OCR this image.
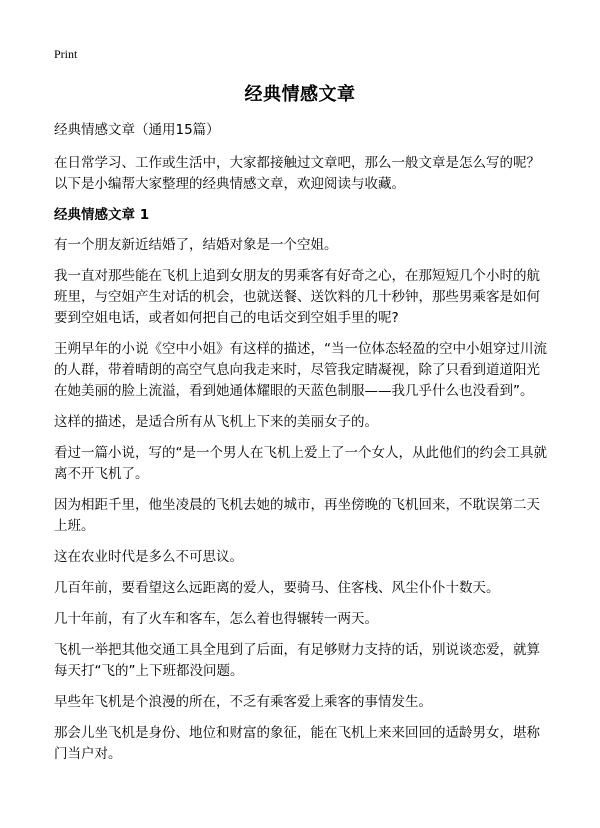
Print
经典情感文章

经典情感文章（通用15篇）

在日常学习、工作或生活中，大家都接触过文章吧，那么一般文章是怎么写的呢？以下是小编帮大家整理的经典情感文章，欢迎阅读与收藏。

经典情感文章 1

有一个朋友新近结婚了，结婚对象是一个空姐。

我一直对那些能在飞机上追到女朋友的男乘客有好奇之心，在那短短几个小时的航班里，与空姐产生对话的机会，也就送餐、送饮料的几十秒钟，那些男乘客是如何要到空姐电话，或者如何把自己的电话交到空姐手里的呢?

王朔早年的小说《空中小姐》有这样的描述，“当一位体态轻盈的空中小姐穿过川流的人群，带着晴朗的高空气息向我走来时，尽管我定睛凝视，除了只看到道道阳光在她美丽的脸上流溢，看到她通体耀眼的天蓝色制服——我几乎什么也没看到”。

这样的描述，是适合所有从飞机上下来的美丽女子的。

看过一篇小说，写的“是一个男人在飞机上爱上了一个女人，从此他们的约会工具就离不开飞机了。

因为相距千里，他坐凌晨的飞机去她的城市，再坐傍晚的飞机回来，不耽误第二天上班。

这在农业时代是多么不可思议。

几百年前，要看望这么远距离的爱人，要骑马、住客栈、风尘仆仆十数天。

几十年前，有了火车和客车，怎么着也得辗转一两天。

飞机一举把其他交通工具全甩到了后面，有足够财力支持的话，别说谈恋爱，就算每天打“飞的”上下班都没问题。

早些年飞机是个浪漫的所在，不乏有乘客爱上乘客的事情发生。

那会儿坐飞机是身份、地位和财富的象征，能在飞机上来来回回的适龄男女，堪称门当户对。
